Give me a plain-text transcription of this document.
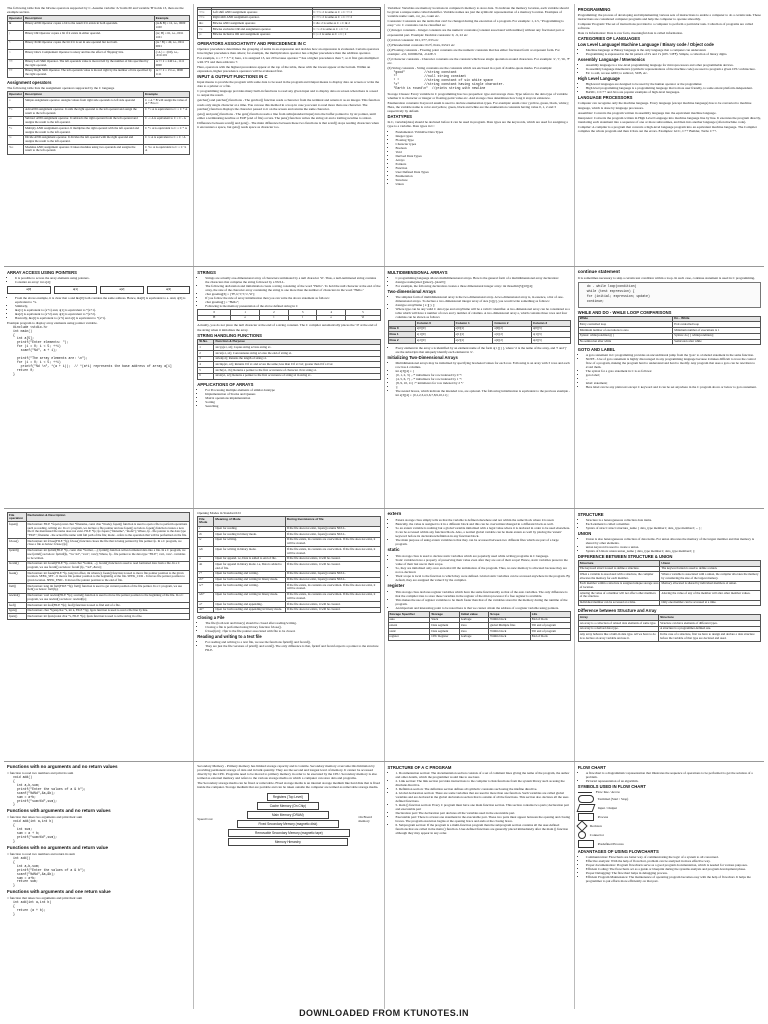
The following table lists the bitwise operators supported by C. Assume variable 'A' holds 60 and variable 'B' holds 13, then are the example section.
Operator	Description	Example
&	Binary AND Operator copies a bit to the result if it exists in both operands.	(A & B) = 12, i.e., 0000 1100
|	Binary OR Operator copies a bit if it exists in either operand.	(A | B) = 61, i.e., 0011 1101
^	Binary XOR Operator copies the bit if it is set in one operand but not both.	(A ^ B) = 49, i.e., 0011 0001
~	Binary One's Complement Operator is unary and has the effect of 'flipping' bits.	(~A ) = ~(60), i.e,. -0111101
<<	Binary Left Shift Operator. The left operands value is moved left by the number of bits specified by the right operand.	A << 2 = 240 i.e., 1111 0000
>>	Binary Right Shift Operator. The left operands value is moved right by the number of bits specified by the right operand.	A >> 2 = 15 i.e., 0000 1111
Assignment operators
The following table lists the assignment operators supported by the C language
Operator	Description	Example
=	Simple assignment operator. Assigns values from right side operands to left side operand	C = A + B will assign the value of A + B to C
+=	Add AND assignment operator. It adds the right operand to the left operand and assign the result to the left operand.	C += A is equivalent to C = C + A
-=	Subtract AND assignment operator. It subtracts the right operand from the left operand and assigns the result to the left operand.	C -= A is equivalent to C = C - A
*=	Multiply AND assignment operator. It multiplies the right operand with the left operand and assigns the result to the left operand.	C *= A is equivalent to C = C * A
/=	Divide AND assignment operator. It divides the left operand with the right operand and assigns the result to the left operand.	C /= A is equivalent to C = C / A
%=	Modulus AND assignment operator. It takes modulus using two operands and assigns the result to the left operand.	C %= A is equivalent to C = C % A

<<=	Left shift AND assignment operator.	C <<= 2 is same as C = C << 2
>>=	Right shift AND assignment operator.	C >>= 2 is same as C = C >> 2
&=	Bitwise AND assignment operator.	C &= 2 is same as C = C & 2
^=	Bitwise exclusive OR and assignment operator.	C ^= 2 is same as C = C ^ 2
|=	Bitwise inclusive OR and assignment operator.	C |= 2 is same as C = C | 2
OPERATORS ASSOCIATIVITY AND PRECEDENCE IN C
Operator precedence determines the grouping of terms in an expression and decides how an expression is evaluated. Certain operators have higher precedence than others; for example, the multiplication operator has a higher precedence than the addition operator.
For example, x = 7 + 3 * 2; here, x is assigned 13, not 20 because operator * has a higher precedence than +, so it first gets multiplied with 3*2 and then adds into 7.
Here, operators with the highest precedence appear at the top of the table, those with the lowest appear at the bottom. Within an expression, higher precedence operators will be evaluated first.
INPUT & OUTPUT FUNCTIONS IN C
Input means to provide the program with some data to be used in the program and Output means to display data on screen or write the data to a printer or a file.
C programming language provides many built-in functions to read any given input and to display data on screen when there is a need to output the result.
getchar() and putchar() functions - The getchar() function reads a character from the terminal and returns it as an integer. This function reads only single character at a time. You can use this method in a loop in case you want to read more than one character. The putchar() function displays the character passed to it on the screen and returns the same character.
gets() and puts() functions - The gets() function reads a line from stdin(standard input) into the buffer pointed to by str pointer, until either a terminating newline or EOF (end of file) occurs. The puts() function writes the string str and a trailing newline to stdout.
Difference between scanf() and gets() - The main difference between these two functions is that scanf() stops reading characters when it encounters a space, but gets() reads space as character too.
Variables: Variables are memory locations in computer's memory to store data. To indicate the memory location, each variable should be given a unique name called identifier. Variable names are just the symbolic representation of a memory location. Examples of variable name: sum, car_no, count etc.
Constants: Constants are the terms that can't be changed during the execution of a program. For example: 1, 2.5, "Programming is easy." etc. C constants can be classified as:
(1) Integer constants - Integer constants are the numeric constants (constant associated with number) without any fractional part or exponential part. Example: Decimal constants: 0, -9, 22 etc
(2) Octal constants: 021, 077, 033 etc
(3) Hexadecimal constants: 0x7f, 0x2a, 0x521 etc
(4) Floating constants - Floating point constants are the numeric constants that has either fractional form or exponent form. For example: -2.0, 0.0000234, -0.22E-5
(5) Character constants - Character constants are the constant which use single quotation around characters. For example: 'a', 'l', 'm', 'F' etc.
(6) String constants - String constants are the constants which are enclosed in a pair of double-quote marks. For example:
"good"          //string constant
""              //null string constant
" "             //string constant of six white space
"x"             //string constant having single character.
"Earth is round\n"  //prints string with newline
Storage Classes: Every variable in C programming has two properties: type and storage class. Type refers to the data type of variable whether it is character or integer or floating-point value etc. And storage class determines how long it stays in existence.
Enumeration constants: Keyword enum is used to declare enumeration types. For example: enum color {yellow, green, black, white}; Here, the variable name is color and yellow, green, black and white are the enumeration constants having value 0, 1, 2 and 3 respectively by default.
DATATYPES
In C, variable(data) should be declared before it can be used in program. Data types are the keywords, which are used for assigning a type to a variable. Data types in C:
• Fundamental / Primitive Data Types
• Integer types
• Floating Type
• Character types
• Boolean
• Void
• Derived Data Types
• Arrays
• Pointers
• Function
• User Defined Data Types
• Enumeration
• Structure
• Union
PROGRAMMING
Programming: the process of developing and implementing various sets of instructions to enable a computer to do a certain task. These instructions are considered computer programs and help the computer to operate smoothly.
Computer Program: The set of instructions provided to a computer to perform a particular task. Collection of programs are called software.
Data vs Information: Data is raw facts, meaningful data is called information.
CATEGORIES OF LANGUAGES
Low Level Language/ Machine Language / Binary code / Object code
• Machine language or Binary language is the only language that a computer can understand.
• Programming is expressed in the bit pattern of 0's and 1's (ON / OFF). Simple, a collection of binary digits.
Assembly Language / Mnemonics
• Assembly language is a low-level programming language for microprocessors and other programmable devices.
• In assembly language mnemonics (symbolic representations of the machine code) are used to program a given CPU architecture.
• Ex: to add, we use ADD; to subtract, SUB, etc.
High Level Language
• High-level languages are designed to be used by the human operator or the programmer.
• High level programming language is a programming language that is more user friendly, to some extent platform-independent.
• BASIC, C/C++ and Java are popular examples of high-level languages.
LANGUAGE PROCESSORS
Computer can recognize only the machine language. Every language (except machine language) has to be converted to machine language, which is done by language processors.
Assembler: Converts the program written in assembly language into the equivalent machine language.
Interpreter: Converts the program written in High Level Language into machine language line by line. It executes the program directly, translating each statement into a sequence of one or more subroutines, and then into another language (often machine code).
Compiler: A compiler is a program that converts a high-level language program into an equivalent machine language. The Compiler compiles the whole program and then it lists out the errors. Examples: GCC, C++ Builder, Turbo C++.
ARRAY ACCESS USING POINTERS
• It is possible to access the array elements using pointers.
• Consider an array: int a[4];
a[0]	a[1]	a[2]	a[3]
• From the above example, it is clear that a and &a[0] both contains the same address. Hence, &a[0] is equivalent to a. And, a[0] is equivalent to *a.
• Similarly,
• &a[1] is equivalent to (a+1) and, a[1] is equivalent to *(a+1).
• &a[2] is equivalent to (a+2) and, a[2] is equivalent to *(a+2).
• Basically, &a[i] is equivalent to (a+i) and a[i] is equivalent to *(a+i).
Example program to display array elements using pointer variable.
#include <stdio.h>
int main()
{
int a[5];
printf("Enter elements: ");
for (i = 0; i < 5; ++i)
scanf("%d", a + i);

printf("The array elements are: \n");
for (i = 0; i < 5; ++i)
printf("%d \n", *(a + i));  // *(a+i) represents the base address of array a[i]
return 0;
}
STRINGS
• Strings are actually one-dimensional array of characters terminated by a null character '\0'. Thus, a null-terminated string contains the characters that comprise the string followed by a NULL.
• The following declaration and initialization create a string consisting of the word "Hello". To hold the null character at the end of the array, the size of the character array containing the string is one more than the number of characters in the word "Hello."
• char greeting[6] = {'H','e','l','l','o','\0'};
• If you follow the rule of array initialization then you can write the above statement as follows:
• char greeting[] = "Hello";
• Following is the memory presentation of the above defined string in C
0	1	2	3	4	5
H	e	l	l	o	\0
Actually, you do not place the null character at the end of a string constant. The C compiler automatically places the '\0' at the end of the string when it initializes the array.
STRING HANDLING FUNCTIONS
Sl.No.	Function & Purpose
1	strcpy(s1, s2); Copies string s2 into string s1.
2	strcat(s1, s2); Concatenates string s2 onto the end of string s1.
3	strlen(s1); Returns the length of string s1.
4	strcmp(s1, s2); Returns 0 if s1 and s2 are the same; less than 0 if s1<s2; greater than 0 if s1>s2.
5	strchr(s1, ch); Returns a pointer to the first occurrence of character ch in string s1.
6	strstr(s1, s2); Returns a pointer to the first occurrence of string s2 in string s1.
APPLICATIONS OF ARRAYS
• For Processing multiple elements of similar datatype
• Implementation of Stacks and Queues
• Matrix operations implementation
• Sorting
• Searching
MULTIDIMENSIONAL ARRAYS
• C programming language allows multidimensional arrays. Here is the general form of a multidimensional array declaration:
• datatype name[size1][size2]...[sizeN];
• For example, the following declaration creates a three dimensional integer array: int threedim[5][10][4];
Two-dimensional Arrays
• The simplest form of multidimensional array is the two-dimensional array. A two-dimensional array is, in essence, a list of one-dimensional arrays. To declare a two-dimensional integer array of size [x][y], you would write something as follows:
• datatype arrayName [ x ][ y ];
• Where type can be any valid C data type and arrayName will be a valid C identifier. A two-dimensional array can be considered as a table which will have x number of rows and y number of columns. A two-dimensional array a, which contains three rows and four columns can be shown as follows
	Column 0	Column 1	Column 2	Column 3
Row 0	a[0][0]	a[0][1]	a[0][2]	a[0][3]
Row 1	a[1][0]	a[1][1]	a[1][2]	a[1][3]
Row 2	a[2][0]	a[2][1]	a[2][2]	a[2][3]
• Every element in the array a is identified by an element name of the form a[ i ][ j ], where 'a' is the name of the array, and 'i' and 'j' are the subscripts that uniquely identify each element in 'a'.
Initializing Two-Dimensional Arrays
• Multidimensional arrays may be initialized by specifying bracketed values for each row. Following is an array with 3 rows and each row has 4 columns.
• int a[3][4] = {
• {0, 1, 2, 3} , /* initializers for row indexed by 0 */
• {4, 5, 6, 7} , /* initializers for row indexed by 1 */
• {8, 9, 10, 11} /* initializers for row indexed by 2 */
• };
• The nested braces, which indicate the intended row, are optional. The following initialization is equivalent to the previous example - int a[3][4] = {0,1,2,3,4,5,6,7,8,9,10,11};
continue statement
It is sometimes necessary to skip a certain test condition within a loop. In such case, continue statement is used in C programming.
do - while loop(condition)
while (test expression) {
for (initial; expression; update)
continue;
WHILE AND DO - WHILE LOOP COMPARISONS
While	Do - While
Entry controlled loop	Exit controlled loop
Minimum number of executions is zero	Minimum number of executions is 1
Syntax: while(condition){ }	Syntax: do{ } while(condition);
No semicolon after while	Semicolon after while
GOTO AND LABEL
• A goto statement in C programming provides an unconditional jump from the 'goto' to a labeled statement in the same function.
• NOTE - Use of goto statement is highly discouraged in any programming language because it makes difficult to trace the control flow of a program, making the program hard to understand and hard to modify. Any program that uses a goto can be rewritten to avoid them.
• The syntax for a goto statement in C is as follows:
• goto label;
• ..
• label: statement;
• Here label can be any plain text except C keyword and it can be set anywhere in the C program above or below to goto statement.
File operation	Declaration & Description
fopen()	Declaration: FILE *fopen (const char *filename, const char *mode); fopen() function is used to open a file to perform operations such as reading, writing etc. In a C program, we declare a file pointer and use fopen() as below. fopen() function creates a new file if the mentioned file name does not exist. FILE *fp; fp=fopen ("filename", "mode"); Where, fp - file pointer to the data type "FILE"; filename - the actual file name with full path of the file; mode - refers to the operation that will be performed on the file.
fclose()	Declaration: int fclose(FILE *fp); fclose() function closes the file that is being pointed by file pointer fp. In a C program, we close a file as below: fclose (fp);
fprintf()	Declaration: int fprintf(FILE *fp, const char *format, ...); fprintf() function writes formatted data into a file. In a C program, we use fprintf() as below: fprintf(fp, "%s %d", "var1", var2); Where, fp - file pointer to the data type "FILE"; var1, var2 - variables to be written.
fscanf()	Declaration: int fscanf(FILE *fp, const char *format, ...); fscanf() function is used to read formatted data from a file. In a C program, we use fscanf() as below: fscanf (fp, "%d", &var);
fseek()	Declaration: int fseek(FILE *fp, long int offset, int whence); fseek() function is used to move file pointer position to the given location. SEEK_SET - It moves file pointer position to the beginning of the file. SEEK_CUR - It moves file pointer position to given location. SEEK_END - It moves file pointer position to the end of file.
ftell()	Declaration: long int ftell(FILE *fp); ftell() function is used to get current position of the file pointer. In a C program, we use ftell() as below: ftell(fp);
rewind()	Declaration: void rewind(FILE *fp); rewind() function is used to move file pointer position to the beginning of the file. In a C program, we use rewind() as below: rewind(fp);
feof()	Declaration: int feof(FILE *fp); feof() function is used to find end of a file.
fgets()	Declaration: char *fgets(char *s, int n, FILE *fp); fgets function is used to read a file line by line.
fputs()	Declaration: int fputs(const char *s, FILE *fp); fputs function is used to write string in a file.
Opening Modes in Standard I/O
File Mode	Meaning of Mode	During Inexistence of file
r	Open for reading.	If the file does not exist, fopen() returns NULL.
rb	Open for reading in binary mode.	If the file does not exist, fopen() returns NULL.
w	Open for writing.	If the file exists, its contents are overwritten. If the file does not exist, it will be created.
wb	Open for writing in binary mode.	If the file exists, its contents are overwritten. If the file does not exist, it will be created.
a	Open for append. i.e, Data is added to end of file.	If the file does not exists, it will be created.
ab	Open for append in binary mode. i.e, Data is added to end of file.	If the file does not exists, it will be created.
r+	Open for both reading and writing.	If the file does not exist, fopen() returns NULL.
rb+	Open for both reading and writing in binary mode.	If the file does not exist, fopen() returns NULL.
w+	Open for both reading and writing.	If the file exists, its contents are overwritten. If the file does not exist, it will be created.
wb+	Open for both reading and writing in binary mode.	If the file exists, its contents are overwritten. If the file does not exist, it will be created.
a+	Open for both reading and appending.	If the file does not exists, it will be created.
ab+	Open for both reading and appending in binary mode.	If the file does not exists, it will be created.
Closing a File
• The file (both text and binary) should be closed after reading/writing.
• Closing a file is performed using library function fclose().
• fclose(fptr); //fptr is the file pointer associated with file to be closed.
Reading and writing to a text file
• For reading and writing to a text file, we use the functions fprintf() and fscanf().
• They are just the file versions of printf() and scanf(). The only difference is that, fprintf and fscanf expects a pointer to the structure FILE.
extern
• Extern storage class simply tells us that the variable is defined elsewhere and not within the same block where it is used.
• Basically, the value is assigned to it in a different block and this can be overwritten/changed in a different block as well.
• So an extern variable is nothing but a global variable initialized with a legal value where it is declared in order to be used elsewhere. It can be accessed within any function/block. Also, a normal global variable can be made extern as well by placing the 'extern' keyword before its declaration/definition in any function/block.
• The main purpose of using extern variables is that they can be accessed between two different files which are part of a large program.
static
• This storage class is used to declare static variables which are popularly used while writing programs in C language.
• Static variables have a property of preserving their value even after they are out of their scope! Hence, static variables preserve the value of their last use in their scope.
• So, they are initialized only once and exist till the termination of the program. Thus, no new memory is allocated because they are not re-declared.
• Their scope is local to the function to which they were defined. Global static variables can be accessed anywhere in the program. By default, they are assigned the value 0 by the compiler.
register
• This storage class declares register variables which have the same functionality as that of the auto variables. The only difference is that the compiler tries to store these variables in the register of the microprocessor if a free register is available.
• This makes the use of register variables to be much faster than that of the variables stored in the memory during the runtime of the program.
• An important and interesting point to be noted here is that we cannot obtain the address of a register variable using pointers.
Storage Specifier	Storage	Initial value	Scope	Life
auto	Stack	Garbage	Within block	End of block
extern	Data segment	Zero	global Multiple files	Till end of program
static	Data segment	Zero	Within block	Till end of program
register	CPU Register	Garbage	Within block	End of block
STRUCTURE
• Structure is a heterogeneous collection data items.
• Each element is called a member.
• Syntax of struct: struct structure_name { data_type member1; data_type member2; ... };
UNION
• Union is also heterogeneous collection of data items. For union allocates the memory of the largest member and that memory is shared by other elements.
• union keyword is used to create a union.
• Syntax of Union: union union_name { data_type member1; data_type member2; };
DIFFERENCE BETWEEN STRUCTURE & UNION
Structure	Union
The keyword struct is used to define a structure.	The keyword union is used to define a union.
When a variable is associated with a structure, the compiler allocates the memory for each member.	When a variable is associated with a union, the compiler allocates the memory by considering the size of the largest memory.
Each member within a structure is assigned unique storage area of location.	Memory allocated is shared by individual members of union.
Altering the value of a member will not affect other members of the structure.	Altering the value of any of the member will alter other member values.
Individual member can be accessed at a time.	Only one member can be accessed at a time.
Difference between Structure and Array
Array	Structure
An array is a collection of related data elements of same type.	Structure can have elements of different types.
An array is a derived data type.	A structure is a programmer-defined one.
Any array behaves like a built-in data type. All we have to do is to declare an array variable and use it.	In the case of a structure, first we have to design and declare a data structure before the variable of that type are declared and used.
Functions with no arguments and no return values
// function to read two numbers and print its sum
void add()
{
int a,b,sum;
printf("Enter the values of a & b");
scanf("%d%d",&a,&b);
sum = a+b;
printf("sum=%d",sum);
}
Functions with arguments and no return values
// function that takes two arguments and print their sum
void add(int a,int b)
{
int sum;
sum = a + b;
printf("sum=%d",sum);
}
Functions with no arguments and return value
// function to read two numbers and return its sum
int add()
{
int a,b,sum;
printf("Enter the values of a & b");
scanf("%d%d",&a,&b);
sum = a+b;
return sum;
}
Functions with arguments and one return value
// function that takes two arguments and print their sum
int add(int a,int b)
{
return (a + b);
}
Secondary Memory - Primary memory has limited storage capacity and is volatile. Secondary memory overcome this limitation by providing permanent storage of data and in bulk quantity. They are the second and longest level of memory. It cannot be accessed directly by the CPU. Programs need to be moved to primary memory in order to be executed by the CPU. Secondary memory is also termed as external memory and refers to the various storage media on which a computer can store data and programs.
The Secondary storage media can be fixed or removable. Fixed storage media is an internal storage medium like hard disk that is fixed inside the computer. Storage medium that are portable and can be taken outside the computer are termed as removable storage media.
Speed Cost
Registers (Top Level)
Cache Memory (On Chip)
Main Memory (DRAM)
Fixed Secondary Memory (magnetic disk)
Removable Secondary Memory (magnetic tape)
Memory Hierarchy
On Board memory
STRUCTURE OF A C PROGRAM
• 1. Documentation section: The documentation section consists of a set of comment lines giving the name of the program, the author and other details, which the programmer would like to use later.
• 2. Link section: The link section provides instructions to the compiler to link functions from the system library such as using the #include directive.
• 3. Definition section: The definition section defines all symbolic constants such using the #define directive.
• 4. Global declaration section: There are some variables that are used in more than one function. Such variables are called global variables and are declared in the global declaration section that is outside of all the functions. This section also declares all the user-defined functions.
• 5. main () function section: Every C program must have one main function section. This section contains two parts; declaration part and executable part
• Declaration part: The declaration part declares all the variables used in the executable part.
• Executable part: There is at least one statement in the executable part. These two parts must appear between the opening and closing braces. The program execution begins at the opening brace and ends at the closing brace.
• 6. Subprogram section: If the program is a multi-function program then the subprogram section contains all the user-defined functions that are called in the main () function. User-defined functions are generally placed immediately after the main () function although they may appear in any order.
FLOW CHART
• A flowchart is a diagrammatic representation that illustrates the sequence of operations to be performed to get the solution of a problem.
• Pictorial representation of an algorithm.
SYMBOLS USED IN FLOW CHART
Flow line / Arrow
Terminal (Start / Stop)
Input / Output
Process
Decision
Connector
Predefined Process
ADVANTAGES OF USING FLOWCHARTS
• Communication: Flowcharts are better way of communicating the logic of a system to all concerned.
• Effective analysis: With the help of flowchart, problem can be analyzed in more effective way.
• Proper documentation: Program flowcharts serve as a good program documentation, which is needed for various purposes.
• Efficient Coding: The flowcharts act as a guide or blueprint during the systems analysis and program development phase.
• Proper Debugging: The flowchart helps in debugging process.
• Efficient Program Maintenance: The maintenance of operating program becomes easy with the help of flowchart. It helps the programmer to put efforts more efficiently on that part.
DOWNLOADED FROM KTUNOTES.IN
